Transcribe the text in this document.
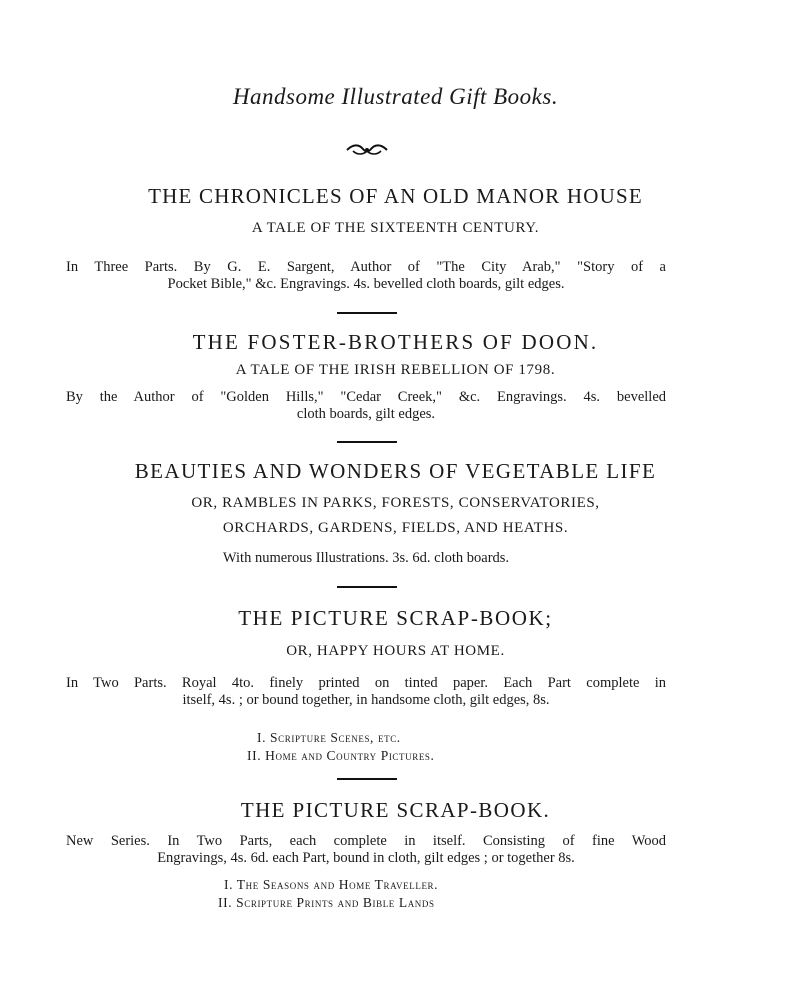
Handsome Illustrated Gift Books.
THE CHRONICLES OF AN OLD MANOR HOUSE
A TALE OF THE SIXTEENTH CENTURY.
In Three Parts. By G. E. Sargent, Author of "The City Arab," "Story of a
Pocket Bible," &c. Engravings. 4s. bevelled cloth boards, gilt edges.
THE FOSTER-BROTHERS OF DOON.
A TALE OF THE IRISH REBELLION OF 1798.
By the Author of "Golden Hills," "Cedar Creek," &c. Engravings. 4s. bevelled
cloth boards, gilt edges.
BEAUTIES AND WONDERS OF VEGETABLE LIFE
OR, RAMBLES IN PARKS, FORESTS, CONSERVATORIES,
ORCHARDS, GARDENS, FIELDS, AND HEATHS.
With numerous Illustrations. 3s. 6d. cloth boards.
THE PICTURE SCRAP-BOOK;
OR, HAPPY HOURS AT HOME.
In Two Parts. Royal 4to. finely printed on tinted paper. Each Part complete in
itself, 4s. ; or bound together, in handsome cloth, gilt edges, 8s.
I. Scripture Scenes, etc.
II. Home and Country Pictures.
THE PICTURE SCRAP-BOOK.
New Series. In Two Parts, each complete in itself. Consisting of fine Wood
Engravings, 4s. 6d. each Part, bound in cloth, gilt edges ; or together 8s.
I. The Seasons and Home Traveller.
II. Scripture Prints and Bible Lands
